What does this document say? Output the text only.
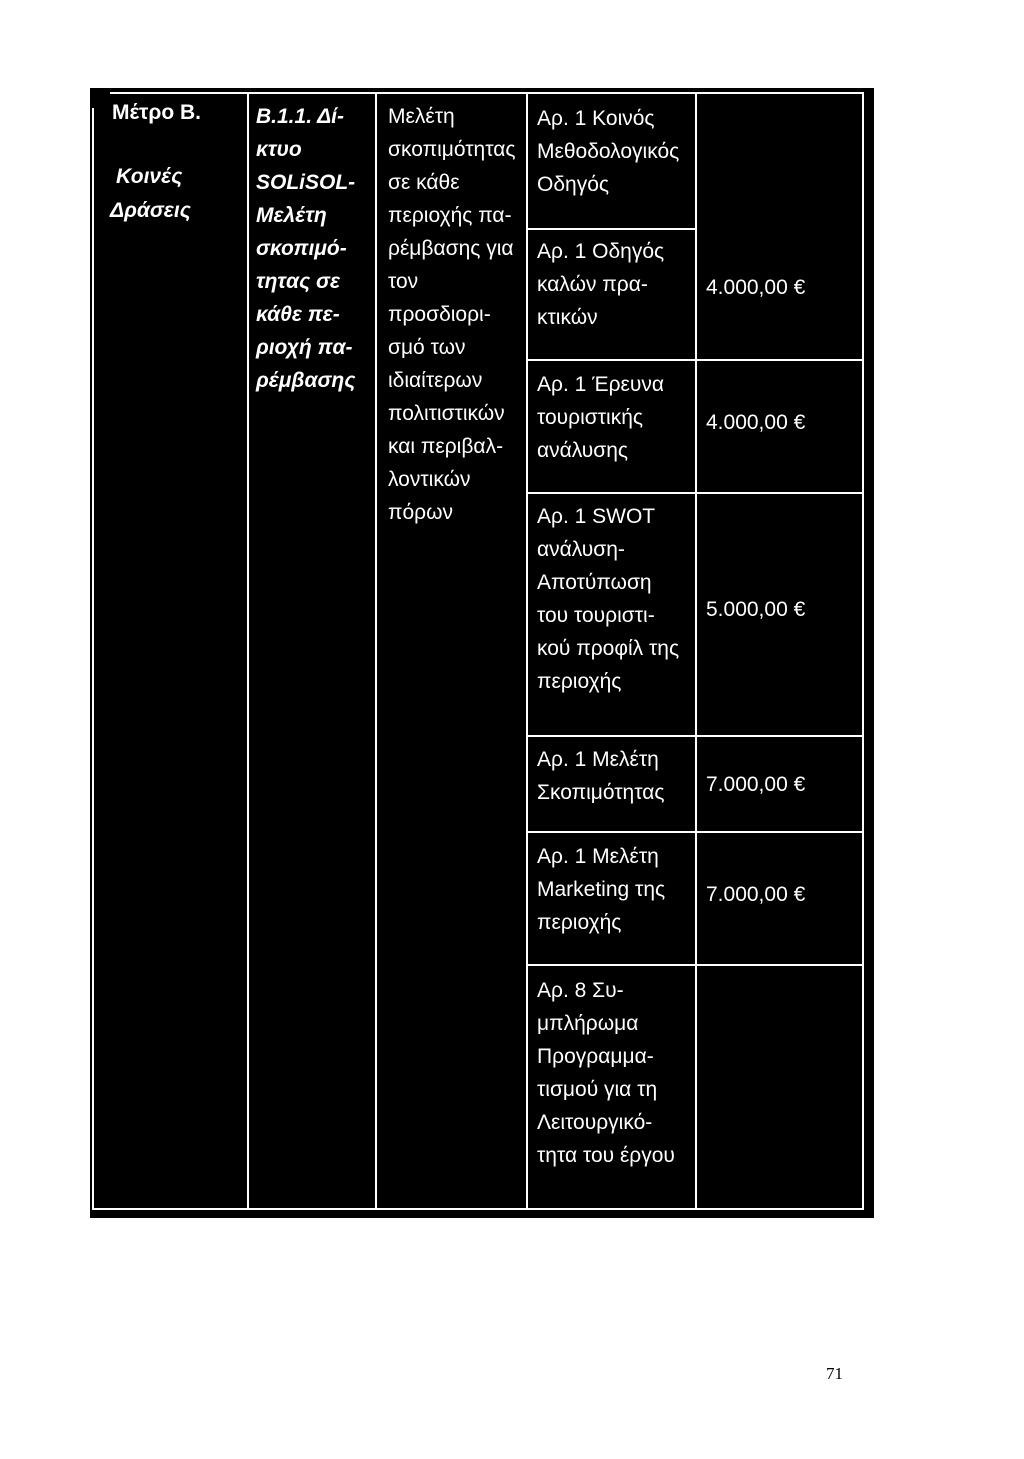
Μέτρο Β.
Κοινές
Δράσεις
Β.1.1. Δί-
κτυο
SOLiSOL-
Μελέτη
σκοπιμό-
τητας σε
κάθε πε-
ριοχή πα-
ρέμβασης
Μελέτη
σκοπιμότητας
σε κάθε
περιοχής πα-
ρέμβασης για
τον
προσδιορι-
σμό των
ιδιαίτερων
πολιτιστικών
και περιβαλ-
λοντικών
πόρων
Αρ. 1 Κοινός
Μεθοδολογικός
Οδηγός
Αρ. 1 Οδηγός
καλών πρα-
κτικών
4.000,00 €
Αρ. 1 Έρευνα
τουριστικής
ανάλυσης
4.000,00 €
Αρ. 1 SWOT
ανάλυση-
Αποτύπωση
του τουριστι-
κού προφίλ της
περιοχής
5.000,00 €
Αρ. 1 Μελέτη
Σκοπιμότητας 7.000,00 €
Αρ. 1 Μελέτη
Marketing της
περιοχής
7.000,00 €
Αρ. 8 Συ-
μπλήρωμα
Προγραμμα-
τισμού για τη
Λειτουργικό-
τητα του έργου
71
